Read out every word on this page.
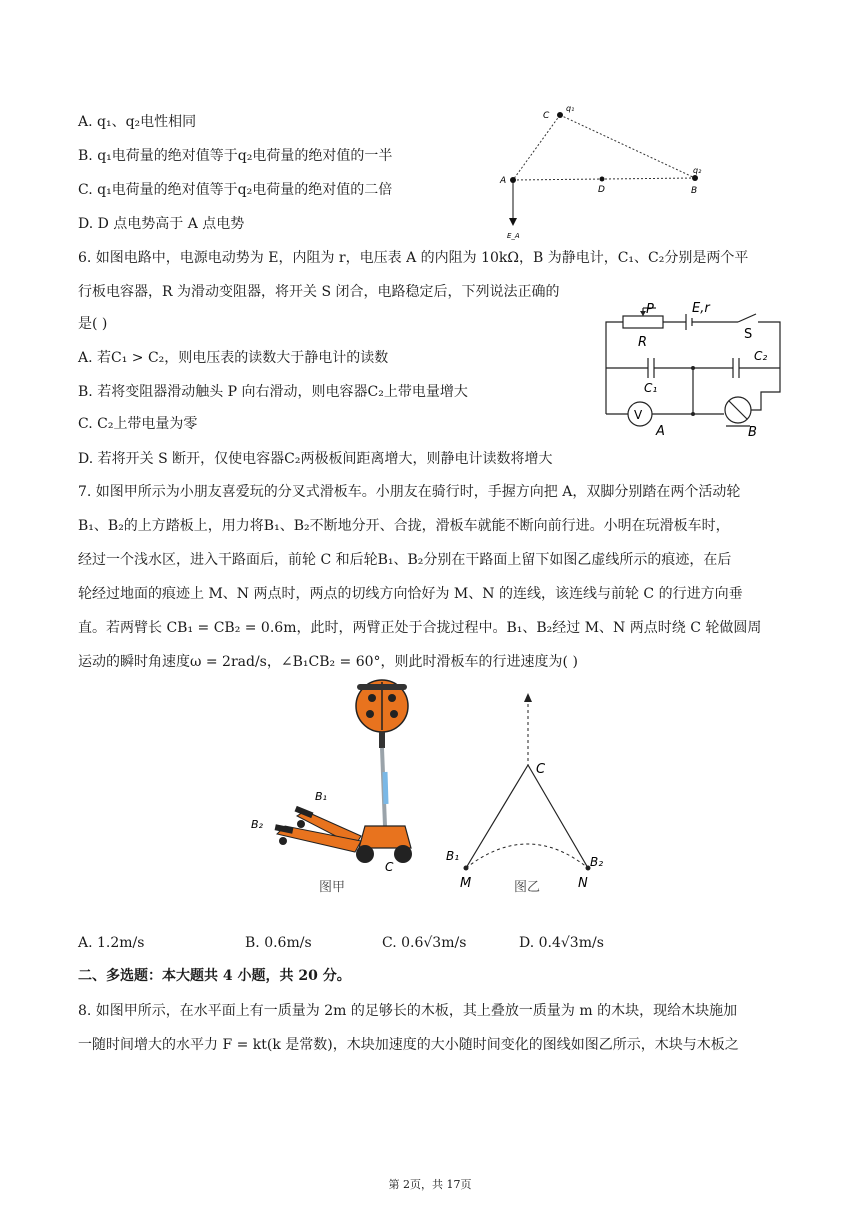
A. q₁、q₂电性相同
B. q₁电荷量的绝对值等于q₂电荷量的绝对值的一半
C. q₁电荷量的绝对值等于q₂电荷量的绝对值的二倍
D. D 点电势高于 A 点电势
C
q₁
q₂
A
D	B
E_A
6. 如图电路中，电源电动势为 E，内阻为 r，电压表 A 的内阻为 10kΩ，B 为静电计，C₁、C₂分别是两个平
行板电容器，R 为滑动变阻器，将开关 S 闭合，电路稳定后，下列说法正确的
是( )
A. 若C₁ > C₂，则电压表的读数大于静电计的读数
B. 若将变阻器滑动触头 P 向右滑动，则电容器C₂上带电量增大
C. C₂上带电量为零
D. 若将开关 S 断开，仅使电容器C₂两极板间距离增大，则静电计读数将增大
P	E,r
S
R
C₁
C₂
V
A	B
7. 如图甲所示为小朋友喜爱玩的分叉式滑板车。小朋友在骑行时，手握方向把 A，双脚分别踏在两个活动轮
B₁、B₂的上方踏板上，用力将B₁、B₂不断地分开、合拢，滑板车就能不断向前行进。小明在玩滑板车时，
经过一个浅水区，进入干路面后，前轮 C 和后轮B₁、B₂分别在干路面上留下如图乙虚线所示的痕迹，在后
轮经过地面的痕迹上 M、N 两点时，两点的切线方向恰好为 M、N 的连线，该连线与前轮 C 的行进方向垂
直。若两臂长 CB₁ = CB₂ = 0.6m，此时，两臂正处于合拢过程中。B₁、B₂经过 M、N 两点时绕 C 轮做圆周
运动的瞬时角速度ω = 2rad/s，∠B₁CB₂ = 60°，则此时滑板车的行进速度为( )
B₁
B₂
C
图甲
C
B₁	B₂
M	N
图乙
A. 1.2m/s	B. 0.6m/s	C. 0.6√3m/s	D. 0.4√3m/s
二、多选题：本大题共 4 小题，共 20 分。
8. 如图甲所示，在水平面上有一质量为 2m 的足够长的木板，其上叠放一质量为 m 的木块，现给木块施加
一随时间增大的水平力 F = kt(k 是常数)，木块加速度的大小随时间变化的图线如图乙所示，木块与木板之
第 2页，共 17页
